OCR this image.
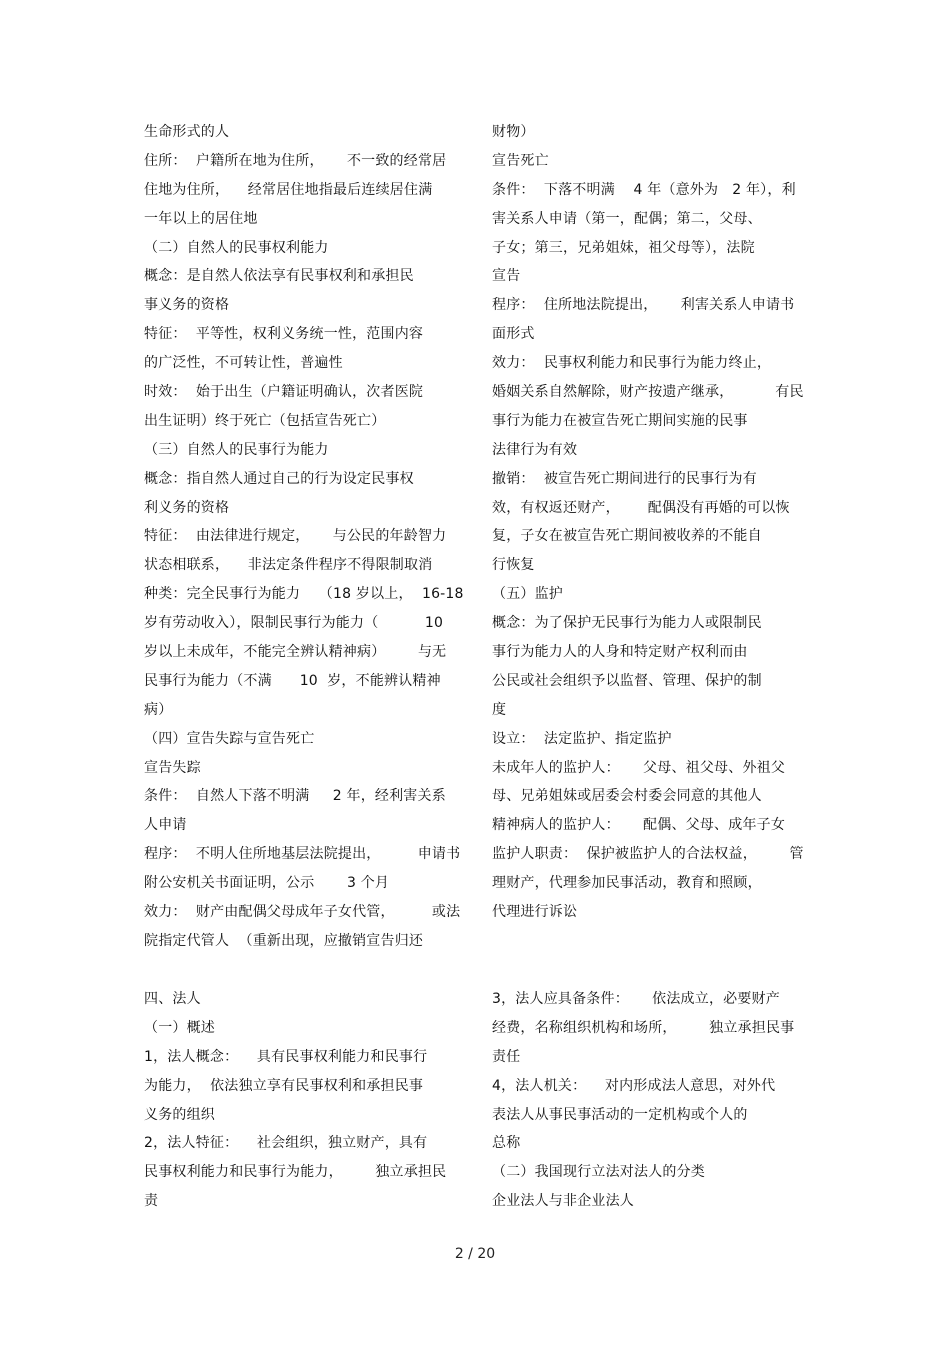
生命形式的人
住所：  户籍所在地为住所，     不一致的经常居
住地为住所，    经常居住地指最后连续居住满
一年以上的居住地
（二）自然人的民事权利能力
概念：是自然人依法享有民事权利和承担民
事义务的资格
特征：  平等性，权利义务统一性，范围内容
的广泛性，不可转让性，普遍性
时效：  始于出生（户籍证明确认，次者医院
出生证明）终于死亡（包括宣告死亡）
（三）自然人的民事行为能力
概念：指自然人通过自己的行为设定民事权
利义务的资格
特征：  由法律进行规定，     与公民的年龄智力
状态相联系，    非法定条件程序不得限制取消
种类：完全民事行为能力    （18 岁以上，  16-18
岁有劳动收入），限制民事行为能力（          10
岁以上未成年，不能完全辨认精神病）       与无
民事行为能力（不满      10  岁，不能辨认精神
病）
（四）宣告失踪与宣告死亡
宣告失踪
条件：  自然人下落不明满     2 年，经利害关系
人申请
程序：  不明人住所地基层法院提出，        申请书
附公安机关书面证明，公示       3 个月
效力：  财产由配偶父母成年子女代管，        或法
院指定代管人  （重新出现，应撤销宣告归还
财物）
宣告死亡
条件：  下落不明满    4 年（意外为   2 年），利
害关系人申请（第一，配偶；第二，父母、
子女；第三，兄弟姐妹，祖父母等），法院
宣告
程序：  住所地法院提出，     利害关系人申请书
面形式
效力：  民事权利能力和民事行为能力终止，
婚姻关系自然解除，财产按遗产继承，         有民
事行为能力在被宣告死亡期间实施的民事
法律行为有效
撤销：  被宣告死亡期间进行的民事行为有
效，有权返还财产，      配偶没有再婚的可以恢
复，子女在被宣告死亡期间被收养的不能自
行恢复
（五）监护
概念：为了保护无民事行为能力人或限制民
事行为能力人的人身和特定财产权利而由
公民或社会组织予以监督、管理、保护的制
度
设立：  法定监护、指定监护
未成年人的监护人：     父母、祖父母、外祖父
母、兄弟姐妹或居委会村委会同意的其他人
精神病人的监护人：     配偶、父母、成年子女
监护人职责：  保护被监护人的合法权益，       管
理财产，代理参加民事活动，教育和照顾，
代理进行诉讼
四、法人
（一）概述
1，法人概念：    具有民事权利能力和民事行
为能力，  依法独立享有民事权利和承担民事
义务的组织
2，法人特征：    社会组织，独立财产，具有
民事权利能力和民事行为能力，       独立承担民
责
3，法人应具备条件：     依法成立，必要财产
经费，名称组织机构和场所，       独立承担民事
责任
4，法人机关：    对内形成法人意思，对外代
表法人从事民事活动的一定机构或个人的
总称
（二）我国现行立法对法人的分类
企业法人与非企业法人
2 / 20
